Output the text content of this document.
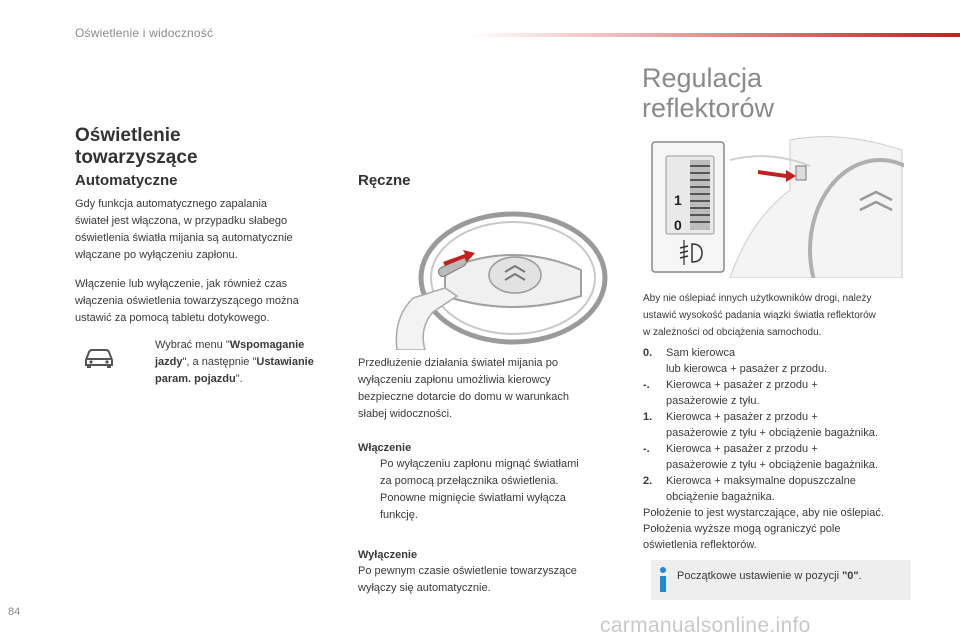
Oświetlenie i widoczność
Oświetlenie
towarzyszące
Automatyczne
Gdy funkcja automatycznego zapalania
świateł jest włączona, w przypadku słabego
oświetlenia światła mijania są automatycznie
włączane po wyłączeniu zapłonu.
Włączenie lub wyłączenie, jak również czas
włączenia oświetlenia towarzyszącego można
ustawić za pomocą tabletu dotykowego.
Wybrać menu "Wspomaganie
jazdy", a następnie "Ustawianie
param. pojazdu".
Ręczne
Przedłużenie działania świateł mijania po
wyłączeniu zapłonu umożliwia kierowcy
bezpieczne dotarcie do domu w warunkach
słabej widoczności.
Włączenie
Po wyłączeniu zapłonu mignąć światłami
za pomocą przełącznika oświetlenia.
Ponowne mignięcie światłami wyłącza
funkcję.
Wyłączenie
Po pewnym czasie oświetlenie towarzyszące
wyłączy się automatycznie.
Regulacja
reflektorów
1
0
Aby nie oślepiać innych użytkowników drogi, należy
ustawić wysokość padania wiązki światła reflektorów
w zależności od obciążenia samochodu.
0. Sam kierowca
lub kierowca + pasażer z przodu.
-. Kierowca + pasażer z przodu +
pasażerowie z tyłu.
1. Kierowca + pasażer z przodu +
pasażerowie z tyłu + obciążenie bagażnika.
-. Kierowca + pasażer z przodu +
pasażerowie z tyłu + obciążenie bagażnika.
2. Kierowca + maksymalne dopuszczalne
obciążenie bagażnika.
Położenie to jest wystarczające, aby nie oślepiać.
Położenia wyższe mogą ograniczyć pole
oświetlenia reflektorów.
i
Początkowe ustawienie w pozycji "0".
84
carmanualsonline.info
